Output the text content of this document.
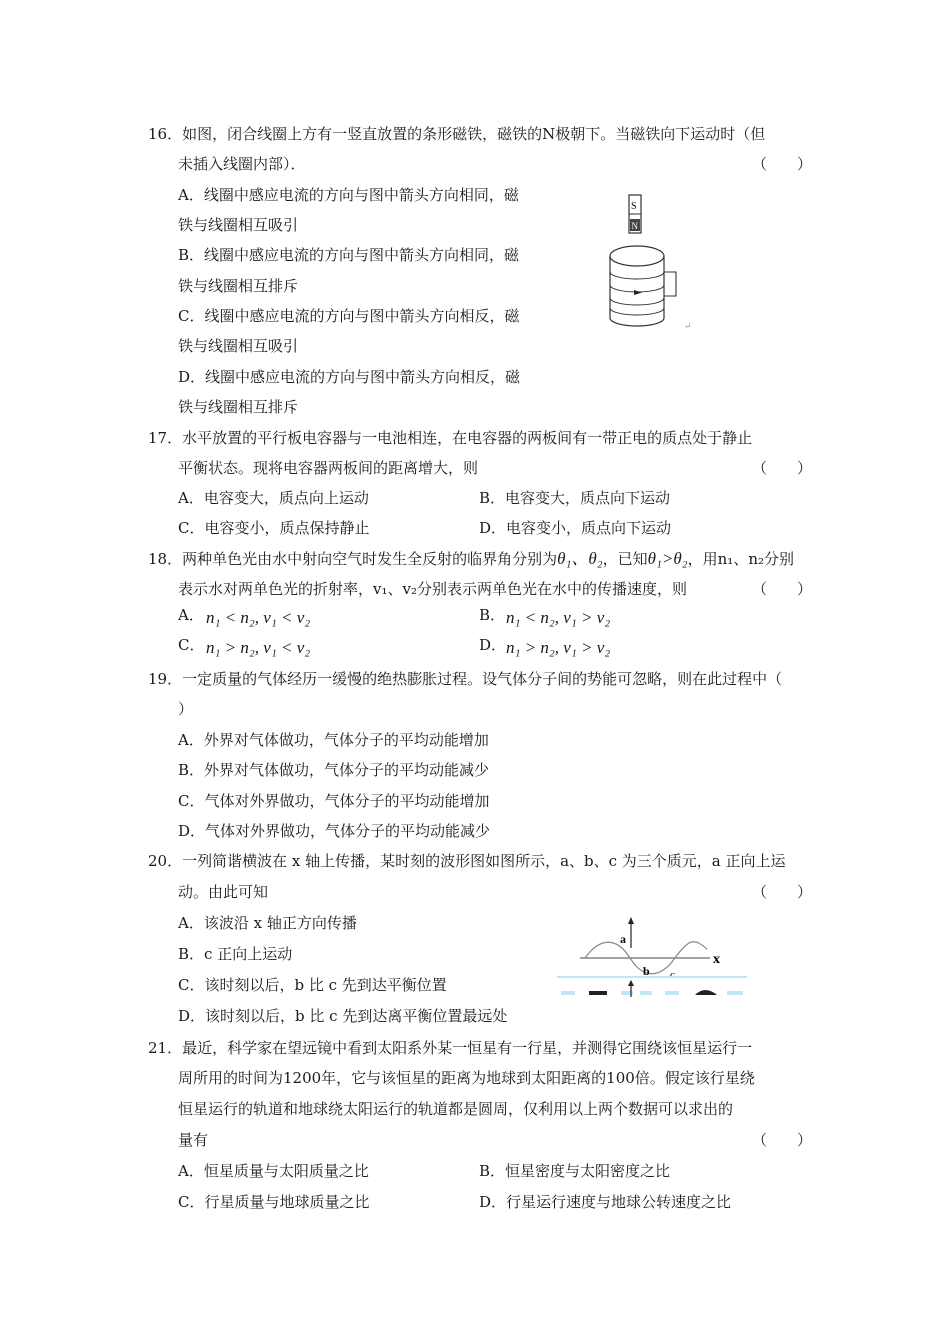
16．如图，闭合线圈上方有一竖直放置的条形磁铁，磁铁的N极朝下。当磁铁向下运动时（但
未插入线圈内部）．	（　　）
A．线圈中感应电流的方向与图中箭头方向相同，磁
铁与线圈相互吸引
B．线圈中感应电流的方向与图中箭头方向相同，磁
铁与线圈相互排斥
C．线圈中感应电流的方向与图中箭头方向相反，磁
铁与线圈相互吸引
D．线圈中感应电流的方向与图中箭头方向相反，磁
铁与线圈相互排斥
S
N
↵
17．水平放置的平行板电容器与一电池相连，在电容器的两板间有一带正电的质点处于静止
平衡状态。现将电容器两板间的距离增大，则	（　　）
A．电容变大，质点向上运动	B．电容变大，质点向下运动
C．电容变小，质点保持静止	D．电容变小，质点向下运动
18．两种单色光由水中射向空气时发生全反射的临界角分别为θ₁、θ₂，已知θ₁>θ₂，用n₁、n₂分别
表示水对两单色光的折射率，v₁、v₂分别表示两单色光在水中的传播速度，则	（　　）
A． n₁ < n₂, v₁ < v₂	B． n₁ < n₂, v₁ > v₂
C． n₁ > n₂, v₁ < v₂	D． n₁ > n₂, v₁ > v₂
19．一定质量的气体经历一缓慢的绝热膨胀过程。设气体分子间的势能可忽略，则在此过程中（
）
A．外界对气体做功，气体分子的平均动能增加
B．外界对气体做功，气体分子的平均动能减少
C．气体对外界做功，气体分子的平均动能增加
D．气体对外界做功，气体分子的平均动能减少
20．一列简谐横波在 x 轴上传播，某时刻的波形图如图所示，a、b、c 为三个质元，a 正向上运
动。由此可知	（　　）
A．该波沿 x 轴正方向传播
B．c 正向上运动
C．该时刻以后，b 比 c 先到达平衡位置
D．该时刻以后，b 比 c 先到达离平衡位置最远处
x
a
b c
21．最近，科学家在望远镜中看到太阳系外某一恒星有一行星，并测得它围绕该恒星运行一
周所用的时间为1200年，它与该恒星的距离为地球到太阳距离的100倍。假定该行星绕
恒星运行的轨道和地球绕太阳运行的轨道都是圆周，仅利用以上两个数据可以求出的
量有	（　　）
A．恒星质量与太阳质量之比	B．恒星密度与太阳密度之比
C．行星质量与地球质量之比	D．行星运行速度与地球公转速度之比
